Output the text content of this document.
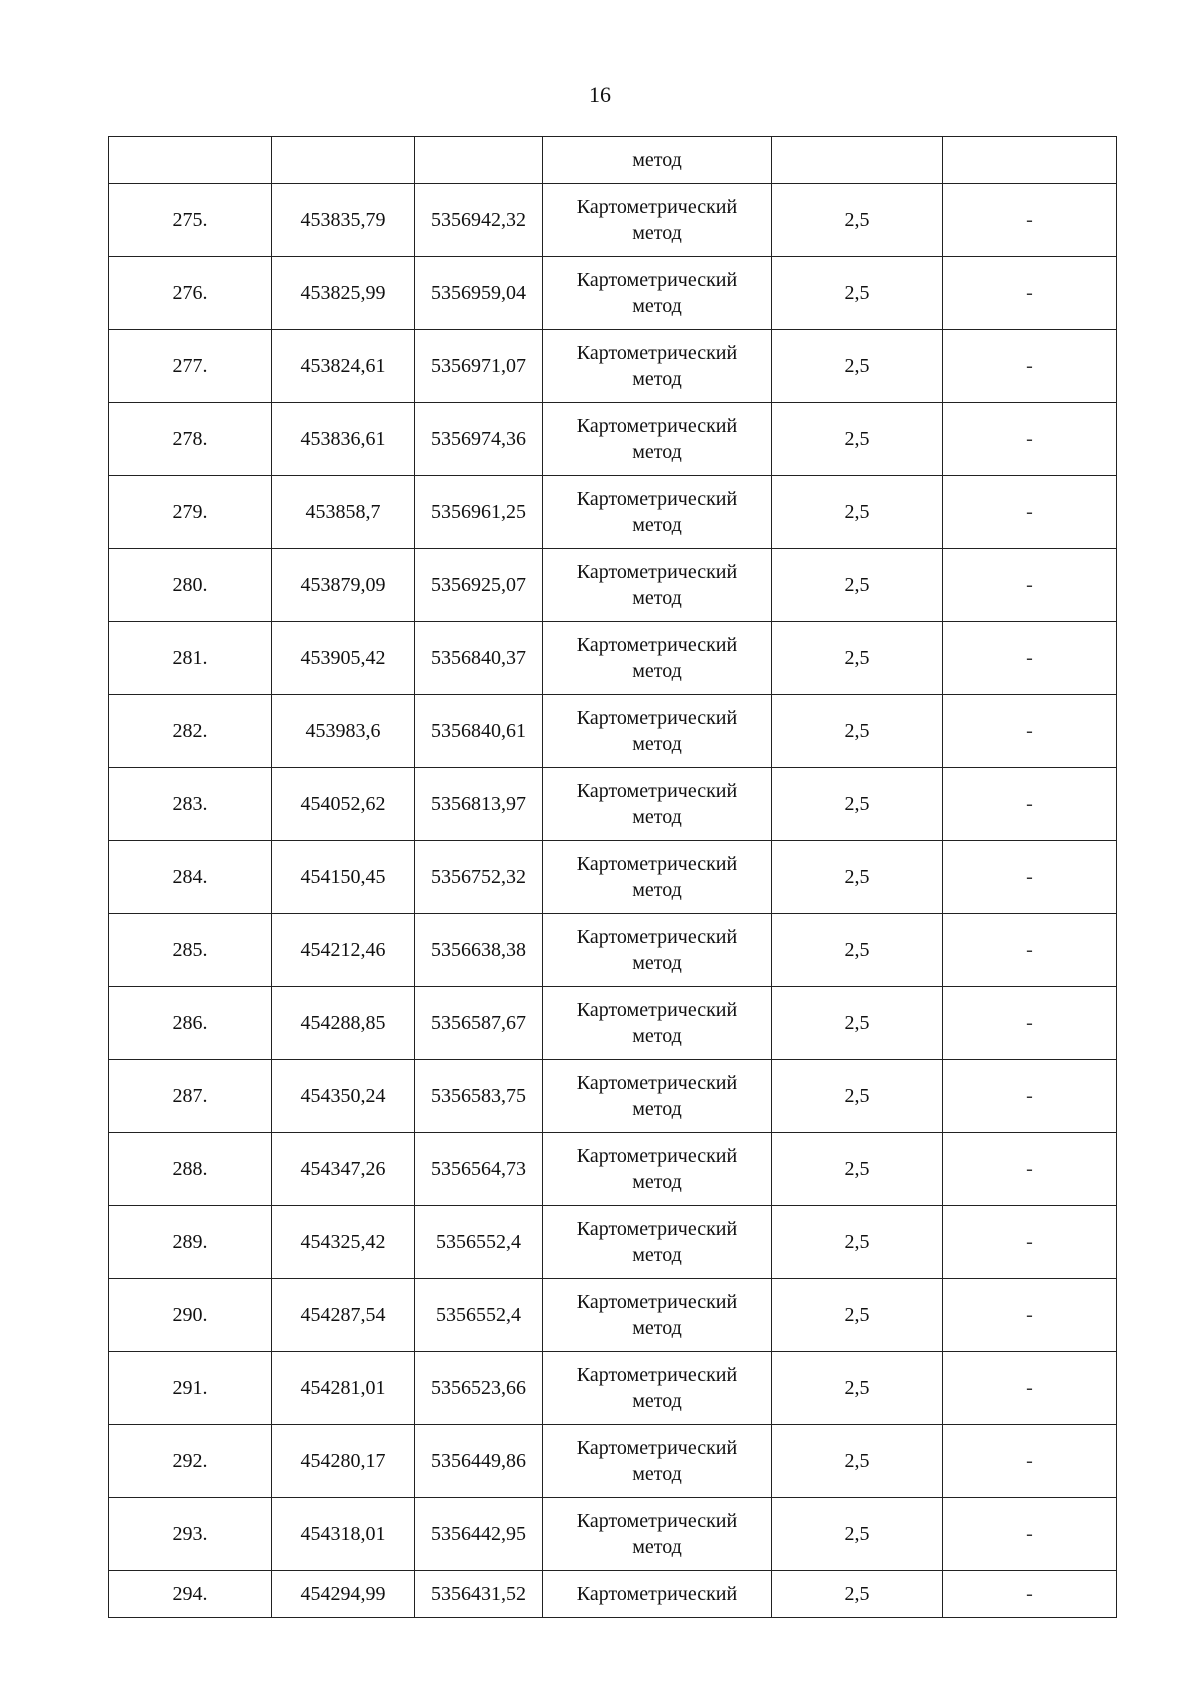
16
			метод		
275.	453835,79	5356942,32	Картометрический
метод	2,5	-
276.	453825,99	5356959,04	Картометрический
метод	2,5	-
277.	453824,61	5356971,07	Картометрический
метод	2,5	-
278.	453836,61	5356974,36	Картометрический
метод	2,5	-
279.	453858,7	5356961,25	Картометрический
метод	2,5	-
280.	453879,09	5356925,07	Картометрический
метод	2,5	-
281.	453905,42	5356840,37	Картометрический
метод	2,5	-
282.	453983,6	5356840,61	Картометрический
метод	2,5	-
283.	454052,62	5356813,97	Картометрический
метод	2,5	-
284.	454150,45	5356752,32	Картометрический
метод	2,5	-
285.	454212,46	5356638,38	Картометрический
метод	2,5	-
286.	454288,85	5356587,67	Картометрический
метод	2,5	-
287.	454350,24	5356583,75	Картометрический
метод	2,5	-
288.	454347,26	5356564,73	Картометрический
метод	2,5	-
289.	454325,42	5356552,4	Картометрический
метод	2,5	-
290.	454287,54	5356552,4	Картометрический
метод	2,5	-
291.	454281,01	5356523,66	Картометрический
метод	2,5	-
292.	454280,17	5356449,86	Картометрический
метод	2,5	-
293.	454318,01	5356442,95	Картометрический
метод	2,5	-
294.	454294,99	5356431,52	Картометрический	2,5	-
